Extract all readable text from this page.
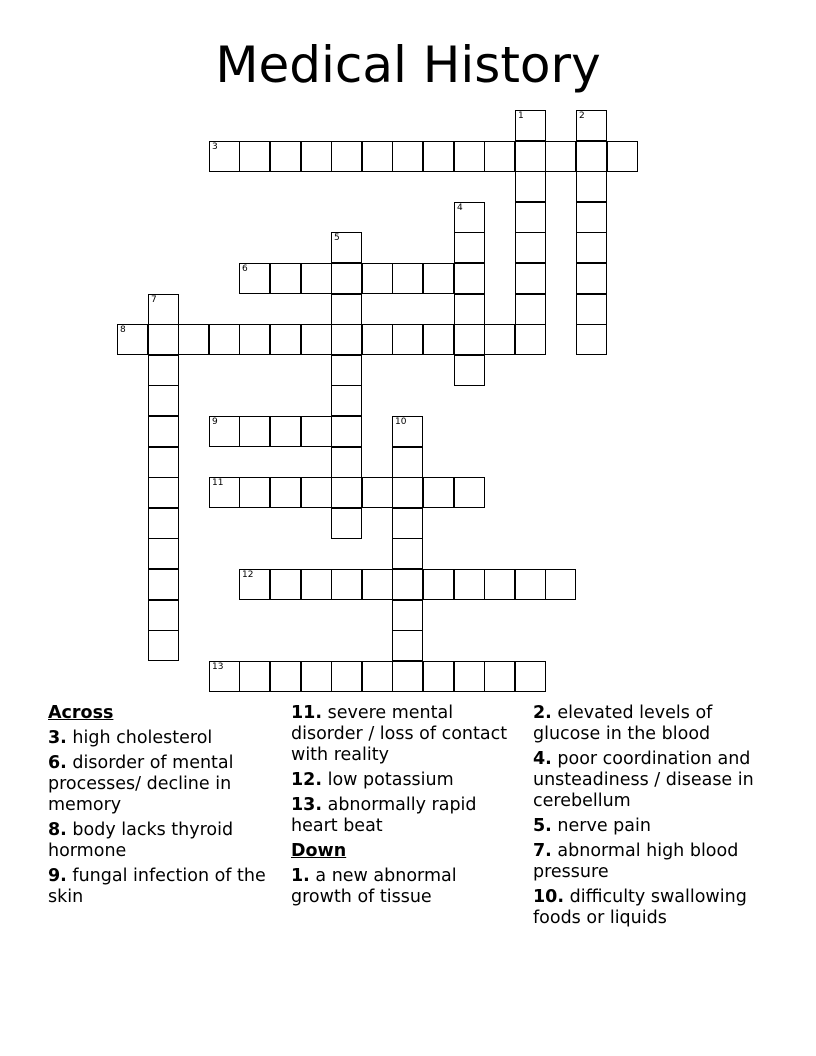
Medical History
3
6
8
9
11
12
13
1	2
4
5
7
10
Across
3. high cholesterol
6. disorder of mental processes/ decline in memory
8. body lacks thyroid hormone
9. fungal infection of the skin
11. severe mental disorder / loss of contact with reality
12. low potassium
13. abnormally rapid heart beat
Down
1. a new abnormal growth of tissue
2. elevated levels of glucose in the blood
4. poor coordination and unsteadiness / disease in cerebellum
5. nerve pain
7. abnormal high blood pressure
10. difficulty swallowing foods or liquids
